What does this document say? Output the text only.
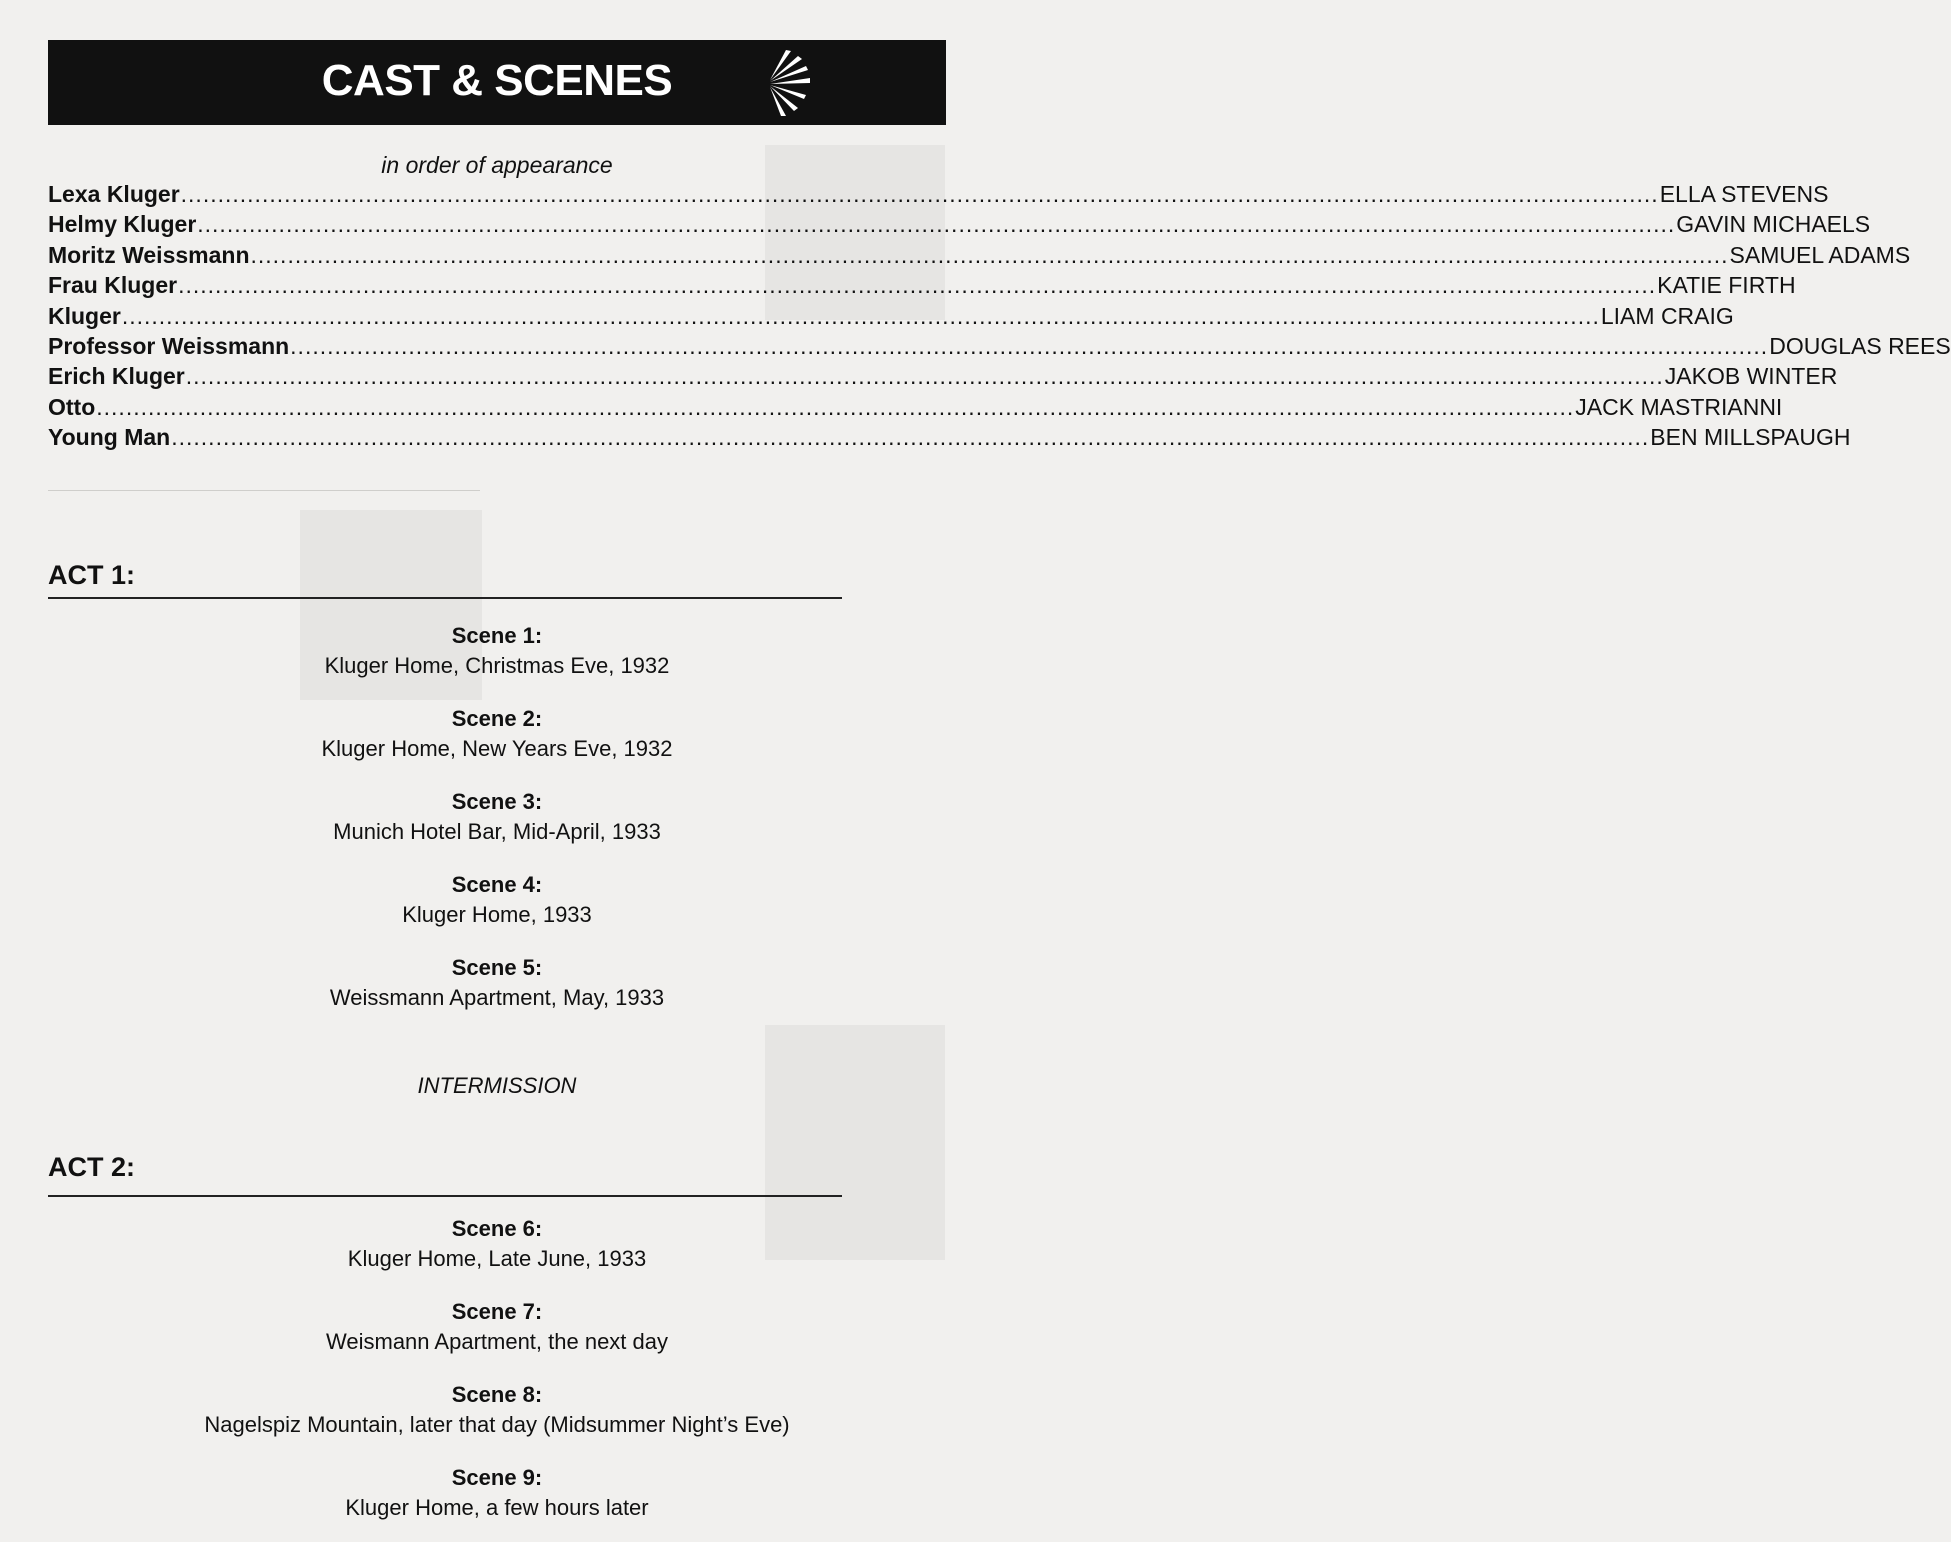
CAST & SCENES
in order of appearance
Lexa Kluger ........................................................................................................................................................................................................ ELLA STEVENS
Helmy Kluger ........................................................................................................................................................................................................ GAVIN MICHAELS
Moritz Weissmann ........................................................................................................................................................................................................ SAMUEL ADAMS
Frau Kluger ........................................................................................................................................................................................................ KATIE FIRTH
Kluger ........................................................................................................................................................................................................ LIAM CRAIG
Professor Weissmann ........................................................................................................................................................................................................ DOUGLAS REES
Erich Kluger ........................................................................................................................................................................................................ JAKOB WINTER
Otto ........................................................................................................................................................................................................ JACK MASTRIANNI
Young Man ........................................................................................................................................................................................................ BEN MILLSPAUGH
ACT 1:
Scene 1:
Kluger Home, Christmas Eve, 1932
Scene 2:
Kluger Home, New Years Eve, 1932
Scene 3:
Munich Hotel Bar, Mid-April, 1933
Scene 4:
Kluger Home, 1933
Scene 5:
Weissmann Apartment, May, 1933
INTERMISSION
ACT 2:
Scene 6:
Kluger Home, Late June, 1933
Scene 7:
Weismann Apartment, the next day
Scene 8:
Nagelspiz Mountain, later that day (Midsummer Night’s Eve)
Scene 9:
Kluger Home, a few hours later
